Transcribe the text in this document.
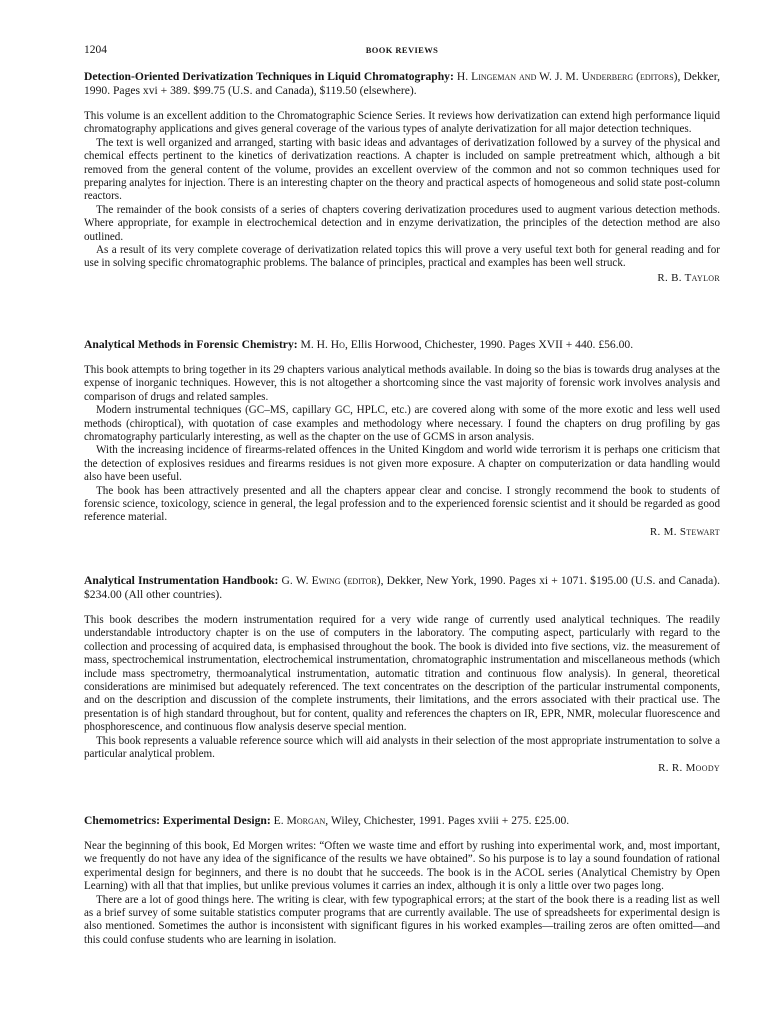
1204	BOOK REVIEWS

Detection-Oriented Derivatization Techniques in Liquid Chromatography: H. Lingeman and W. J. M. Underberg (editors), Dekker, 1990. Pages xvi + 389. $99.75 (U.S. and Canada), $119.50 (elsewhere).

This volume is an excellent addition to the Chromatographic Science Series. It reviews how derivatization can extend high performance liquid chromatography applications and gives general coverage of the various types of analyte derivatization for all major detection techniques.

The text is well organized and arranged, starting with basic ideas and advantages of derivatization followed by a survey of the physical and chemical effects pertinent to the kinetics of derivatization reactions. A chapter is included on sample pretreatment which, although a bit removed from the general content of the volume, provides an excellent overview of the common and not so common techniques used for preparing analytes for injection. There is an interesting chapter on the theory and practical aspects of homogeneous and solid state post-column reactors.

The remainder of the book consists of a series of chapters covering derivatization procedures used to augment various detection methods. Where appropriate, for example in electrochemical detection and in enzyme derivatization, the principles of the detection method are also outlined.

As a result of its very complete coverage of derivatization related topics this will prove a very useful text both for general reading and for use in solving specific chromatographic problems. The balance of principles, practical and examples has been well struck.

R. B. Taylor

Analytical Methods in Forensic Chemistry: M. H. Ho, Ellis Horwood, Chichester, 1990. Pages XVII + 440. £56.00.

This book attempts to bring together in its 29 chapters various analytical methods available. In doing so the bias is towards drug analyses at the expense of inorganic techniques. However, this is not altogether a shortcoming since the vast majority of forensic work involves analysis and comparison of drugs and related samples.

Modern instrumental techniques (GC–MS, capillary GC, HPLC, etc.) are covered along with some of the more exotic and less well used methods (chiroptical), with quotation of case examples and methodology where necessary. I found the chapters on drug profiling by gas chromatography particularly interesting, as well as the chapter on the use of GCMS in arson analysis.

With the increasing incidence of firearms-related offences in the United Kingdom and world wide terrorism it is perhaps one criticism that the detection of explosives residues and firearms residues is not given more exposure. A chapter on computerization or data handling would also have been useful.

The book has been attractively presented and all the chapters appear clear and concise. I strongly recommend the book to students of forensic science, toxicology, science in general, the legal profession and to the experienced forensic scientist and it should be regarded as good reference material.

R. M. Stewart

Analytical Instrumentation Handbook: G. W. Ewing (editor), Dekker, New York, 1990. Pages xi + 1071. $195.00 (U.S. and Canada). $234.00 (All other countries).

This book describes the modern instrumentation required for a very wide range of currently used analytical techniques. The readily understandable introductory chapter is on the use of computers in the laboratory. The computing aspect, particularly with regard to the collection and processing of acquired data, is emphasised throughout the book. The book is divided into five sections, viz. the measurement of mass, spectrochemical instrumentation, electrochemical instrumentation, chromatographic instrumentation and miscellaneous methods (which include mass spectrometry, thermoanalytical instrumentation, automatic titration and continuous flow analysis). In general, theoretical considerations are minimised but adequately referenced. The text concentrates on the description of the particular instrumental components, and on the description and discussion of the complete instruments, their limitations, and the errors associated with their practical use. The presentation is of high standard throughout, but for content, quality and references the chapters on IR, EPR, NMR, molecular fluorescence and phosphorescence, and continuous flow analysis deserve special mention.

This book represents a valuable reference source which will aid analysts in their selection of the most appropriate instrumentation to solve a particular analytical problem.

R. R. Moody

Chemometrics: Experimental Design: E. Morgan, Wiley, Chichester, 1991. Pages xviii + 275. £25.00.

Near the beginning of this book, Ed Morgen writes: “Often we waste time and effort by rushing into experimental work, and, most important, we frequently do not have any idea of the significance of the results we have obtained”. So his purpose is to lay a sound foundation of rational experimental design for beginners, and there is no doubt that he succeeds. The book is in the ACOL series (Analytical Chemistry by Open Learning) with all that that implies, but unlike previous volumes it carries an index, although it is only a little over two pages long.

There are a lot of good things here. The writing is clear, with few typographical errors; at the start of the book there is a reading list as well as a brief survey of some suitable statistics computer programs that are currently available. The use of spreadsheets for experimental design is also mentioned. Sometimes the author is inconsistent with significant figures in his worked examples—trailing zeros are often omitted—and this could confuse students who are learning in isolation.
